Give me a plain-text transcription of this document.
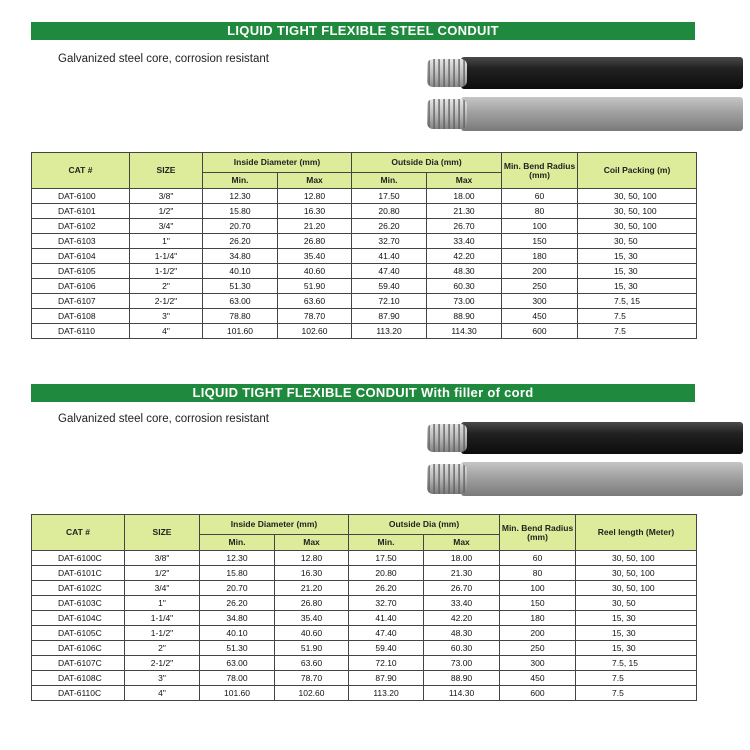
LIQUID TIGHT FLEXIBLE STEEL CONDUIT
Galvanized steel core, corrosion resistant
CAT #	SIZE	Inside Diameter (mm)		Outside Dia (mm)		Min. Bend Radius (mm)	Coil Packing (m)
		Min.	Max	Min.	Max		
DAT-6100	3/8"	12.30	12.80	17.50	18.00	60	30, 50, 100
DAT-6101	1/2"	15.80	16.30	20.80	21.30	80	30, 50, 100
DAT-6102	3/4"	20.70	21.20	26.20	26.70	100	30, 50, 100
DAT-6103	1"	26.20	26.80	32.70	33.40	150	30, 50
DAT-6104	1-1/4"	34.80	35.40	41.40	42.20	180	15, 30
DAT-6105	1-1/2"	40.10	40.60	47.40	48.30	200	15, 30
DAT-6106	2"	51.30	51.90	59.40	60.30	250	15, 30
DAT-6107	2-1/2"	63.00	63.60	72.10	73.00	300	7.5, 15
DAT-6108	3"	78.80	78.70	87.90	88.90	450	7.5
DAT-6110	4"	101.60	102.60	113.20	114.30	600	7.5
LIQUID TIGHT FLEXIBLE CONDUIT With filler of cord
Galvanized steel core, corrosion resistant
CAT #	SIZE	Inside Diameter (mm)		Outside Dia (mm)		Min. Bend Radius (mm)	Reel length (Meter)
		Min.	Max	Min.	Max		
DAT-6100C	3/8"	12.30	12.80	17.50	18.00	60	30, 50, 100
DAT-6101C	1/2"	15.80	16.30	20.80	21.30	80	30, 50, 100
DAT-6102C	3/4"	20.70	21.20	26.20	26.70	100	30, 50, 100
DAT-6103C	1"	26.20	26.80	32.70	33.40	150	30, 50
DAT-6104C	1-1/4"	34.80	35.40	41.40	42.20	180	15, 30
DAT-6105C	1-1/2"	40.10	40.60	47.40	48.30	200	15, 30
DAT-6106C	2"	51.30	51.90	59.40	60.30	250	15, 30
DAT-6107C	2-1/2"	63.00	63.60	72.10	73.00	300	7.5, 15
DAT-6108C	3"	78.00	78.70	87.90	88.90	450	7.5
DAT-6110C	4"	101.60	102.60	113.20	114.30	600	7.5
